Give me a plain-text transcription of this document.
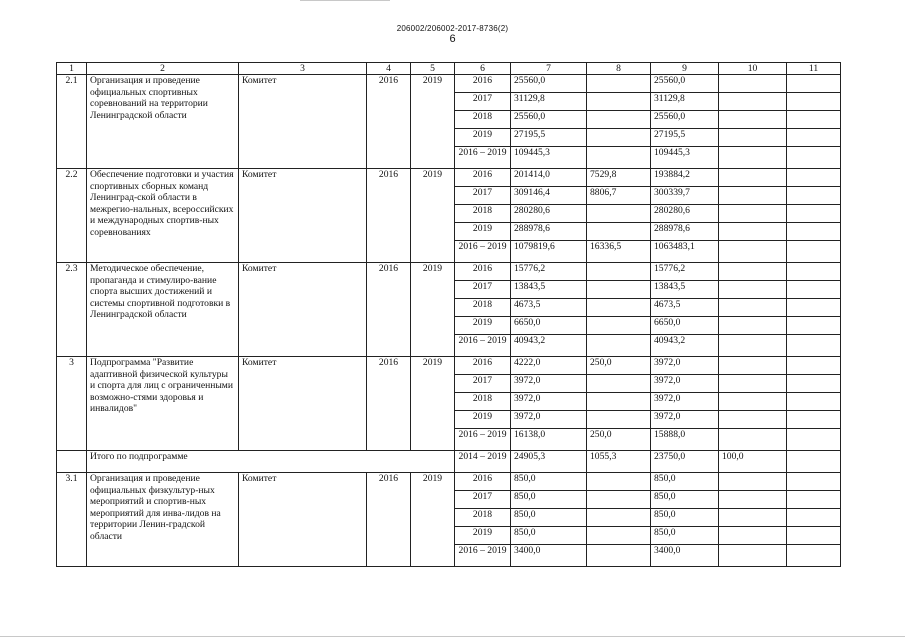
206002/206002-2017-8736(2)
6
1	2	3	4	5	6	7	8	9	10	11
2.1	Организация и проведение официальных спортивных соревнований на территории Ленинградской области	Комитет	2016	2019	2016	25560,0		25560,0		
					2017	31129,8		31129,8		
					2018	25560,0		25560,0		
					2019	27195,5		27195,5		
					2016 – 2019	109445,3		109445,3		
2.2	Обеспечение подготовки и участия спортивных сборных команд Ленинград-ской области в межрегио-нальных, всероссийских и международных спортив-ных соревнованиях	Комитет	2016	2019	2016	201414,0	7529,8	193884,2		
					2017	309146,4	8806,7	300339,7		
					2018	280280,6		280280,6		
					2019	288978,6		288978,6		
					2016 – 2019	1079819,6	16336,5	1063483,1		
2.3	Методическое обеспечение, пропаганда и стимулиро-вание спорта высших достижений и системы спортивной подготовки в Ленинградской области	Комитет	2016	2019	2016	15776,2		15776,2		
					2017	13843,5		13843,5		
					2018	4673,5		4673,5		
					2019	6650,0		6650,0		
					2016 – 2019	40943,2		40943,2		
3	Подпрограмма "Развитие адаптивной физической культуры и спорта для лиц с ограниченными возможно-стями здоровья и инвалидов"	Комитет	2016	2019	2016	4222,0	250,0	3972,0		
					2017	3972,0		3972,0		
					2018	3972,0		3972,0		
					2019	3972,0		3972,0		
					2016 – 2019	16138,0	250,0	15888,0		
	Итого по подпрограмме				2014 – 2019	24905,3	1055,3	23750,0	100,0	
3.1	Организация и проведение официальных физкультур-ных мероприятий и спортив-ных мероприятий для инва-лидов на территории Ленин-градской области	Комитет	2016	2019	2016	850,0		850,0		
					2017	850,0		850,0		
					2018	850,0		850,0		
					2019	850,0		850,0		
					2016 – 2019	3400,0		3400,0		
